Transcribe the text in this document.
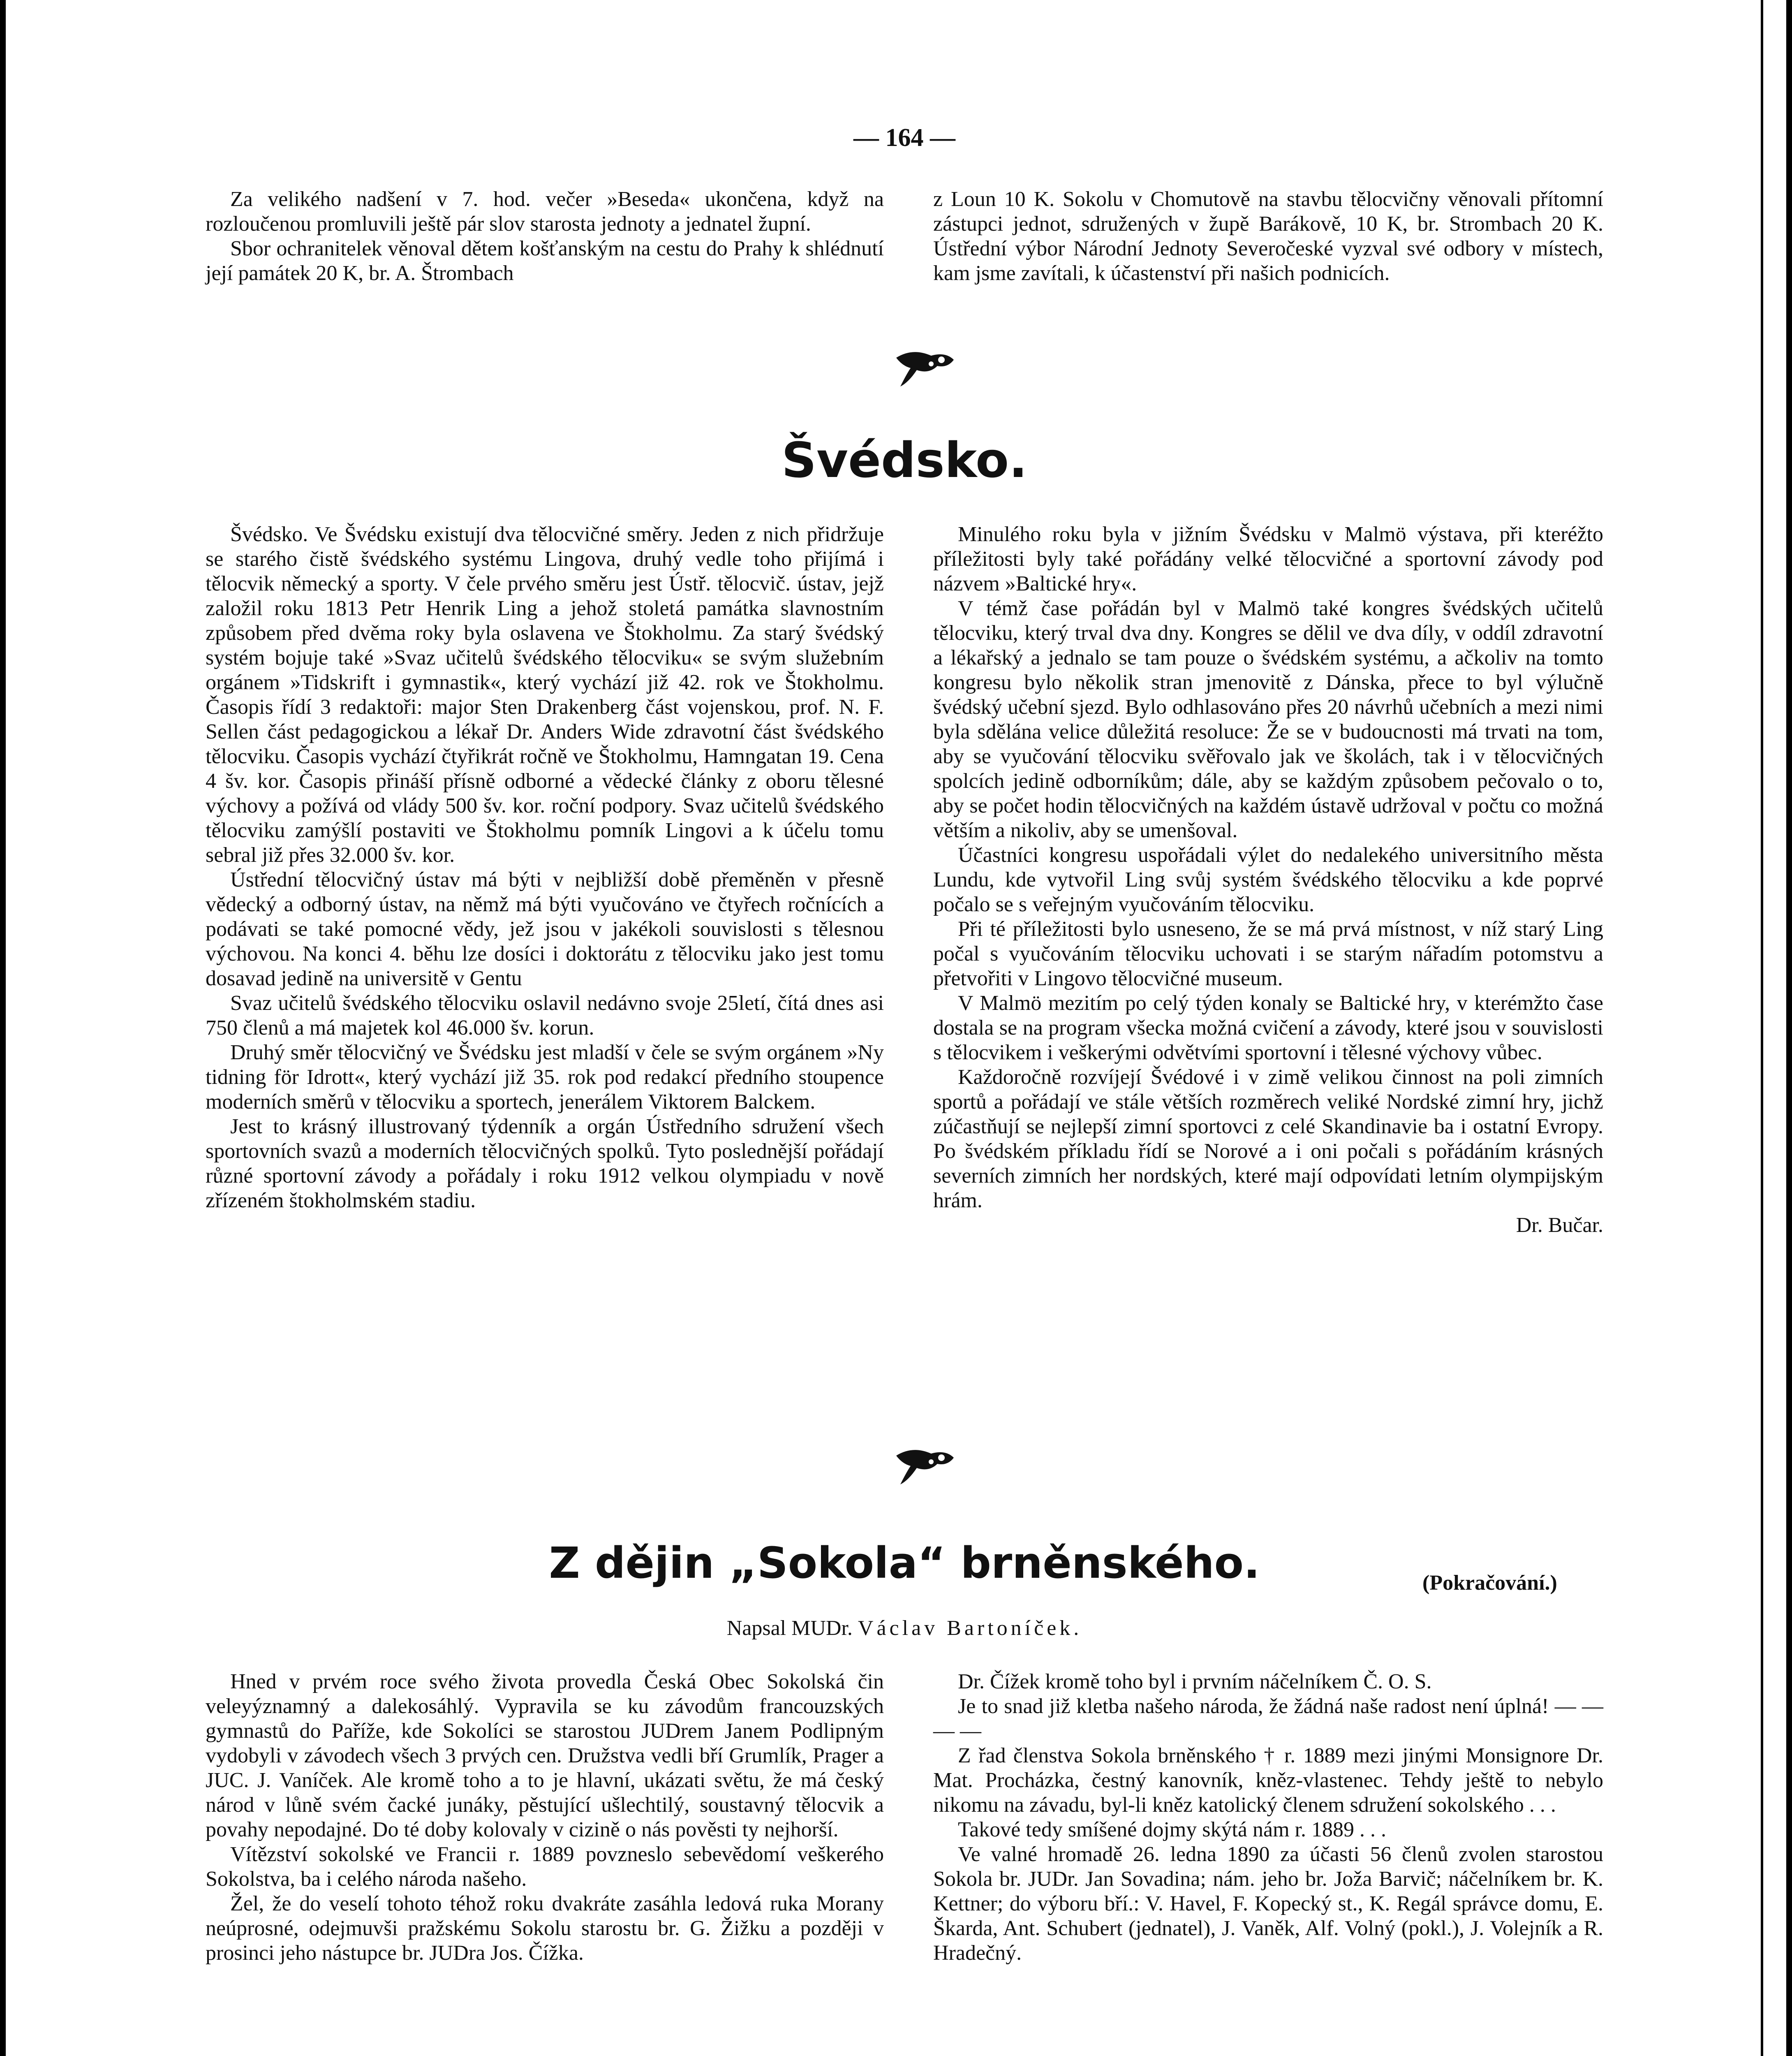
— 164 —

Za velikého nadšení v 7. hod. večer »Beseda« ukončena, když na rozloučenou promluvili ještě pár slov starosta jednoty a jednatel župní.

Sbor ochranitelek věnoval dětem košťanským na cestu do Prahy k shlédnutí její památek 20 K, br. A. Štrombach

z Loun 10 K. Sokolu v Chomutově na stavbu tělocvičny věnovali přítomní zástupci jednot, sdružených v župě Barákově, 10 K, br. Strombach 20 K. Ústřední výbor Národní Jednoty Severočeské vyzval své odbory v místech, kam jsme zavítali, k účastenství při našich podnicích.

Švédsko.

Švédsko. Ve Švédsku existují dva tělocvičné směry. Jeden z nich přidržuje se starého čistě švédského systému Lingova, druhý vedle toho přijímá i tělocvik německý a sporty. V čele prvého směru jest Ústř. tělocvič. ústav, jejž založil roku 1813 Petr Henrik Ling a jehož stoletá památka slavnostním způsobem před dvěma roky byla oslavena ve Štokholmu. Za starý švédský systém bojuje také »Svaz učitelů švédského tělocviku« se svým služebním orgánem »Tidskrift i gymnastik«, který vychází již 42. rok ve Štokholmu. Časopis řídí 3 redaktoři: major Sten Drakenberg část vojenskou, prof. N. F. Sellen část pedagogickou a lékař Dr. Anders Wide zdravotní část švédského tělocviku. Časopis vychází čtyřikrát ročně ve Štokholmu, Hamngatan 19. Cena 4 šv. kor. Časopis přináší přísně odborné a vědecké články z oboru tělesné výchovy a požívá od vlády 500 šv. kor. roční podpory. Svaz učitelů švédského tělocviku zamýšlí postaviti ve Štokholmu pomník Lingovi a k účelu tomu sebral již přes 32.000 šv. kor.

Ústřední tělocvičný ústav má býti v nejbližší době přeměněn v přesně vědecký a odborný ústav, na němž má býti vyučováno ve čtyřech ročnících a podávati se také pomocné vědy, jež jsou v jakékoli souvislosti s tělesnou výchovou. Na konci 4. běhu lze dosíci i doktorátu z tělocviku jako jest tomu dosavad jedině na universitě v Gentu

Svaz učitelů švédského tělocviku oslavil nedávno svoje 25letí, čítá dnes asi 750 členů a má majetek kol 46.000 šv. korun.

Druhý směr tělocvičný ve Švédsku jest mladší v čele se svým orgánem »Ny tidning för Idrott«, který vychází již 35. rok pod redakcí předního stoupence moderních směrů v tělocviku a sportech, jenerálem Viktorem Balckem.

Jest to krásný illustrovaný týdenník a orgán Ústředního sdružení všech sportovních svazů a moderních tělocvičných spolků. Tyto poslednější pořádají různé sportovní závody a pořádaly i roku 1912 velkou olympiadu v nově zřízeném štokholmském stadiu.

Minulého roku byla v jižním Švédsku v Malmö výstava, při kteréžto příležitosti byly také pořádány velké tělocvičné a sportovní závody pod názvem »Baltické hry«.

V témž čase pořádán byl v Malmö také kongres švédských učitelů tělocviku, který trval dva dny. Kongres se dělil ve dva díly, v oddíl zdravotní a lékařský a jednalo se tam pouze o švédském systému, a ačkoliv na tomto kongresu bylo několik stran jmenovitě z Dánska, přece to byl výlučně švédský učební sjezd. Bylo odhlasováno přes 20 návrhů učebních a mezi nimi byla sdělána velice důležitá resoluce: Že se v budoucnosti má trvati na tom, aby se vyučování tělocviku svěřovalo jak ve školách, tak i v tělocvičných spolcích jedině odborníkům; dále, aby se každým způsobem pečovalo o to, aby se počet hodin tělocvičných na každém ústavě udržoval v počtu co možná větším a nikoliv, aby se umenšoval.

Účastníci kongresu uspořádali výlet do nedalekého universitního města Lundu, kde vytvořil Ling svůj systém švédského tělocviku a kde poprvé počalo se s veřejným vyučováním tělocviku.

Při té příležitosti bylo usneseno, že se má prvá místnost, v níž starý Ling počal s vyučováním tělocviku uchovati i se starým nářadím potomstvu a přetvořiti v Lingovo tělocvičné museum.

V Malmö mezitím po celý týden konaly se Baltické hry, v kterémžto čase dostala se na program všecka možná cvičení a závody, které jsou v souvislosti s tělocvikem i veškerými odvětvími sportovní i tělesné výchovy vůbec.

Každoročně rozvíjejí Švédové i v zimě velikou činnost na poli zimních sportů a pořádají ve stále větších rozměrech veliké Nordské zimní hry, jichž zúčastňují se nejlepší zimní sportovci z celé Skandinavie ba i ostatní Evropy. Po švédském příkladu řídí se Norové a i oni počali s pořádáním krásných severních zimních her nordských, které mají odpovídati letním olympijským hrám.

Dr. Bučar.
Z dějin „Sokola“ brněnského.	(Pokračování.)
Napsal MUDr. Václav Bartoníček.

Hned v prvém roce svého života provedla Česká Obec Sokolská čin veleyýznamný a dalekosáhlý. Vypravila se ku závodům francouzských gymnastů do Paříže, kde Sokolíci se starostou JUDrem Janem Podlipným vydobyli v závodech všech 3 prvých cen. Družstva vedli bří Grumlík, Prager a JUC. J. Vaníček. Ale kromě toho a to je hlavní, ukázati světu, že má český národ v lůně svém čacké junáky, pěstující ušlechtilý, soustavný tělocvik a povahy nepodajné. Do té doby kolovaly v cizině o nás pověsti ty nejhorší.

Vítězství sokolské ve Francii r. 1889 povzneslo sebevědomí veškerého Sokolstva, ba i celého národa našeho.

Žel, že do veselí tohoto téhož roku dvakráte zasáhla ledová ruka Morany neúprosné, odejmuvši pražskému Sokolu starostu br. G. Žižku a později v prosinci jeho nástupce br. JUDra Jos. Čížka.

Dr. Čížek kromě toho byl i prvním náčelníkem Č. O. S.

Je to snad již kletba našeho národa, že žádná naše radost není úplná! — — — —

Z řad členstva Sokola brněnského † r. 1889 mezi jinými Monsignore Dr. Mat. Procházka, čestný kanovník, kněz-vlastenec. Tehdy ještě to nebylo nikomu na závadu, byl-li kněz katolický členem sdružení sokolského . . .

Takové tedy smíšené dojmy skýtá nám r. 1889 . . .

Ve valné hromadě 26. ledna 1890 za účasti 56 členů zvolen starostou Sokola br. JUDr. Jan Sovadina; nám. jeho br. Joža Barvič; náčelníkem br. K. Kettner; do výboru bří.: V. Havel, F. Kopecký st., K. Regál správce domu, E. Škarda, Ant. Schubert (jednatel), J. Vaněk, Alf. Volný (pokl.), J. Volejník a R. Hradečný.
